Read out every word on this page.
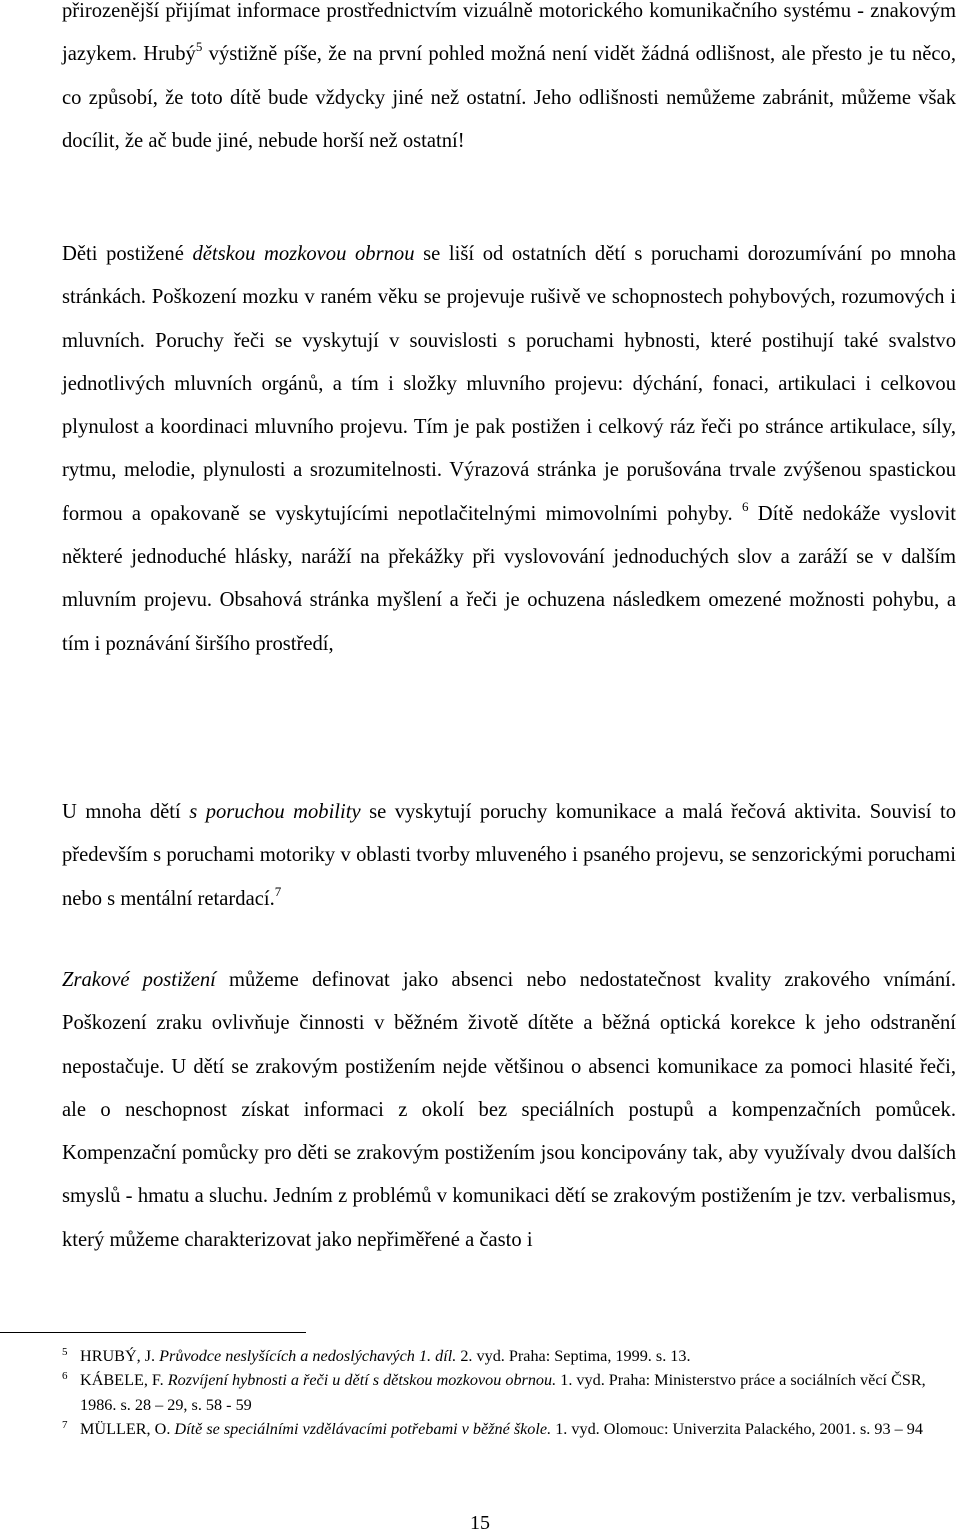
přirozenější přijímat informace prostřednictvím vizuálně motorického komunikačního systému - znakovým jazykem. Hrubý$^5$ výstižně píše, že na první pohled možná není vidět žádná odlišnost, ale přesto je tu něco, co způsobí, že toto dítě bude vždycky jiné než ostatní. Jeho odlišnosti nemůžeme zabránit, můžeme však docílit, že ač bude jiné, nebude horší než ostatní!

Děti postižené dětskou mozkovou obrnou se liší od ostatních dětí s poruchami dorozumívání po mnoha stránkách. Poškození mozku v raném věku se projevuje rušivě ve schopnostech pohybových, rozumových i mluvních. Poruchy řeči se vyskytují v souvislosti s poruchami hybnosti, které postihují také svalstvo jednotlivých mluvních orgánů, a tím i složky mluvního projevu: dýchání, fonaci, artikulaci i celkovou plynulost a koordinaci mluvního projevu. Tím je pak postižen i celkový ráz řeči po stránce artikulace, síly, rytmu, melodie, plynulosti a srozumitelnosti. Výrazová stránka je porušována trvale zvýšenou spastickou formou a opakovaně se vyskytujícími nepotlačitelnými mimovolními pohyby. $^6$ Dítě nedokáže vyslovit některé jednoduché hlásky, naráží na překážky při vyslovování jednoduchých slov a zaráží se v dalším mluvním projevu. Obsahová stránka myšlení a řeči je ochuzena následkem omezené možnosti pohybu, a tím i poznávání širšího prostředí,

U mnoha dětí s poruchou mobility se vyskytují poruchy komunikace a malá řečová aktivita. Souvisí to především s poruchami motoriky v oblasti tvorby mluveného i psaného projevu, se senzorickými poruchami nebo s mentální retardací.$^7$

Zrakové postižení můžeme definovat jako absenci nebo nedostatečnost kvality zrakového vnímání. Poškození zraku ovlivňuje činnosti v běžném životě dítěte a běžná optická korekce k jeho odstranění nepostačuje. U dětí se zrakovým postižením nejde většinou o absenci komunikace za pomoci hlasité řeči, ale o neschopnost získat informaci z okolí bez speciálních postupů a kompenzačních pomůcek. Kompenzační pomůcky pro děti se zrakovým postižením jsou koncipovány tak, aby využívaly dvou dalších smyslů - hmatu a sluchu. Jedním z problémů v komunikaci dětí se zrakovým postižením je tzv. verbalismus, který můžeme charakterizovat jako nepřiměřené a často i

$^5$ HRUBÝ, J. Průvodce neslyšících a nedoslýchavých 1. díl. 2. vyd. Praha: Septima, 1999. s. 13.

$^6$ KÁBELE, F. Rozvíjení hybnosti a řeči u dětí s dětskou mozkovou obrnou. 1. vyd. Praha: Ministerstvo práce a sociálních věcí ČSR, 1986. s. 28 – 29, s. 58 - 59

$^7$ MÜLLER, O. Dítě se speciálními vzdělávacími potřebami v běžné škole. 1. vyd. Olomouc: Univerzita Palackého, 2001. s. 93 – 94

15
